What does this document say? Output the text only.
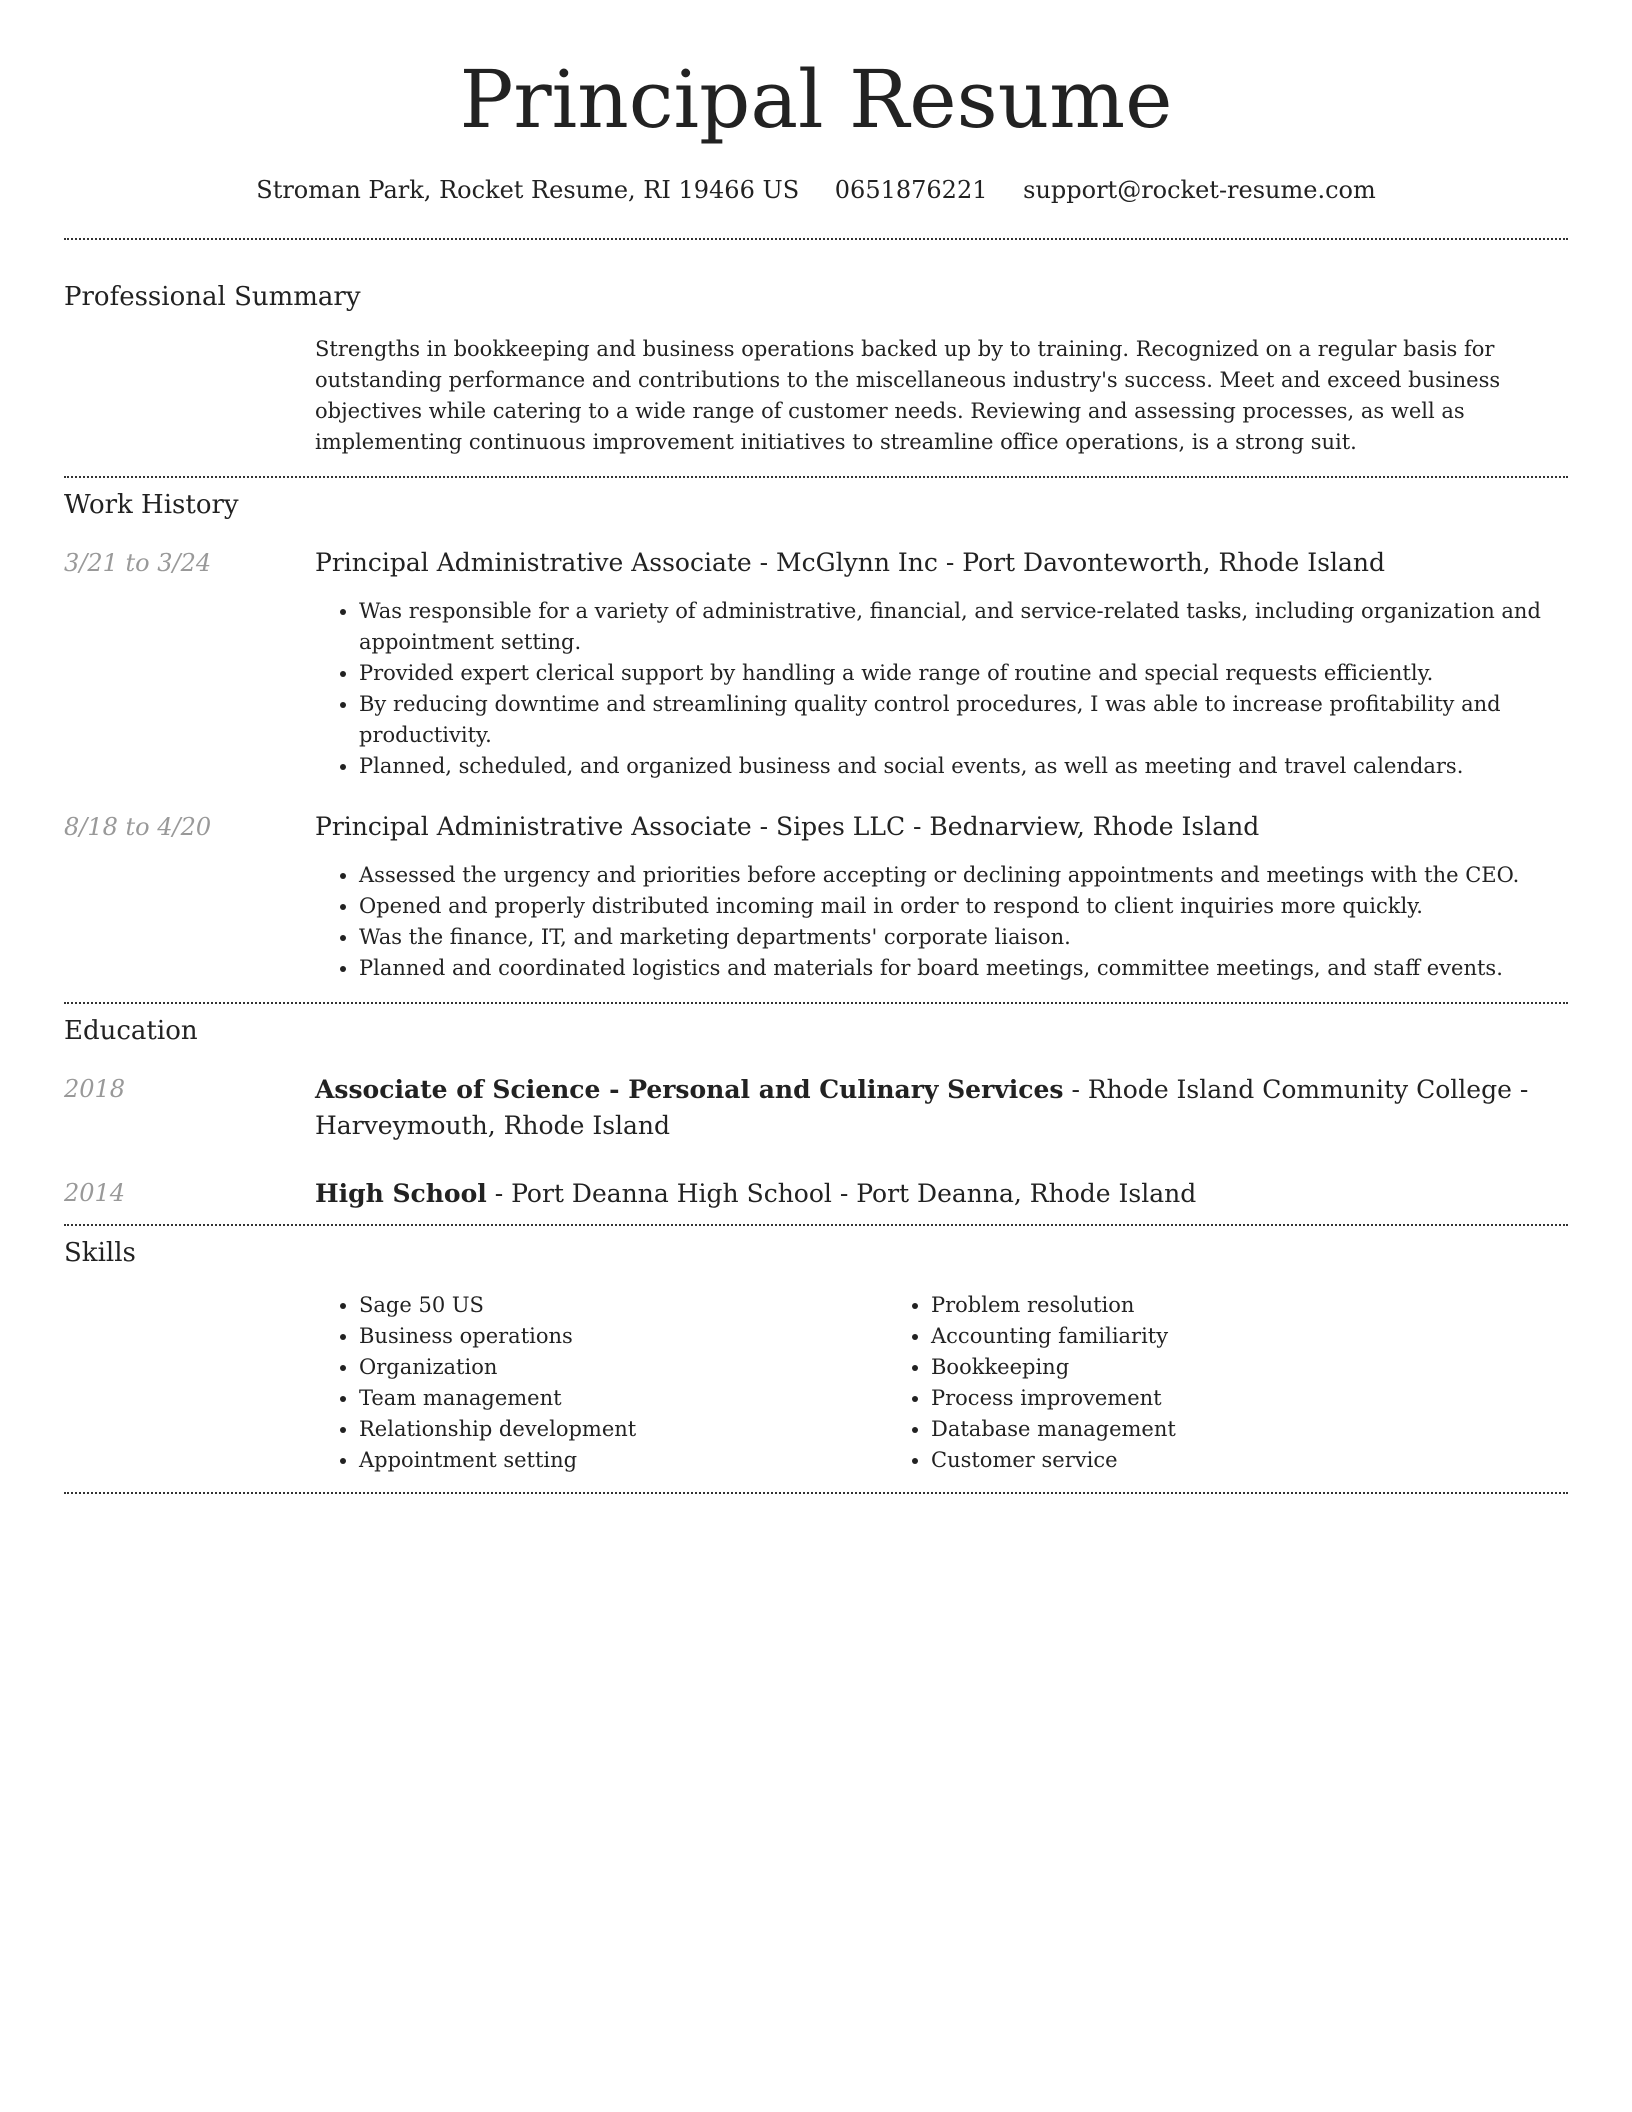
Principal Resume
Stroman Park, Rocket Resume, RI 19466 US 0651876221 support@rocket-resume.com
Professional Summary
Strengths in bookkeeping and business operations backed up by to training. Recognized on a regular basis for outstanding performance and contributions to the miscellaneous industry's success. Meet and exceed business objectives while catering to a wide range of customer needs. Reviewing and assessing processes, as well as implementing continuous improvement initiatives to streamline office operations, is a strong suit.
Work History
3/21 to 3/24	Principal Administrative Associate - McGlynn Inc - Port Davonteworth, Rhode Island
• Was responsible for a variety of administrative, financial, and service-related tasks, including organization and appointment setting.
• Provided expert clerical support by handling a wide range of routine and special requests efficiently.
• By reducing downtime and streamlining quality control procedures, I was able to increase profitability and productivity.
• Planned, scheduled, and organized business and social events, as well as meeting and travel calendars.
8/18 to 4/20	Principal Administrative Associate - Sipes LLC - Bednarview, Rhode Island
• Assessed the urgency and priorities before accepting or declining appointments and meetings with the CEO.
• Opened and properly distributed incoming mail in order to respond to client inquiries more quickly.
• Was the finance, IT, and marketing departments' corporate liaison.
• Planned and coordinated logistics and materials for board meetings, committee meetings, and staff events.
Education
2018	Associate of Science - Personal and Culinary Services - Rhode Island Community College - Harveymouth, Rhode Island
2014	High School - Port Deanna High School - Port Deanna, Rhode Island
Skills
• Sage 50 US
• Business operations
• Organization
• Team management
• Relationship development
• Appointment setting
• Problem resolution
• Accounting familiarity
• Bookkeeping
• Process improvement
• Database management
• Customer service
